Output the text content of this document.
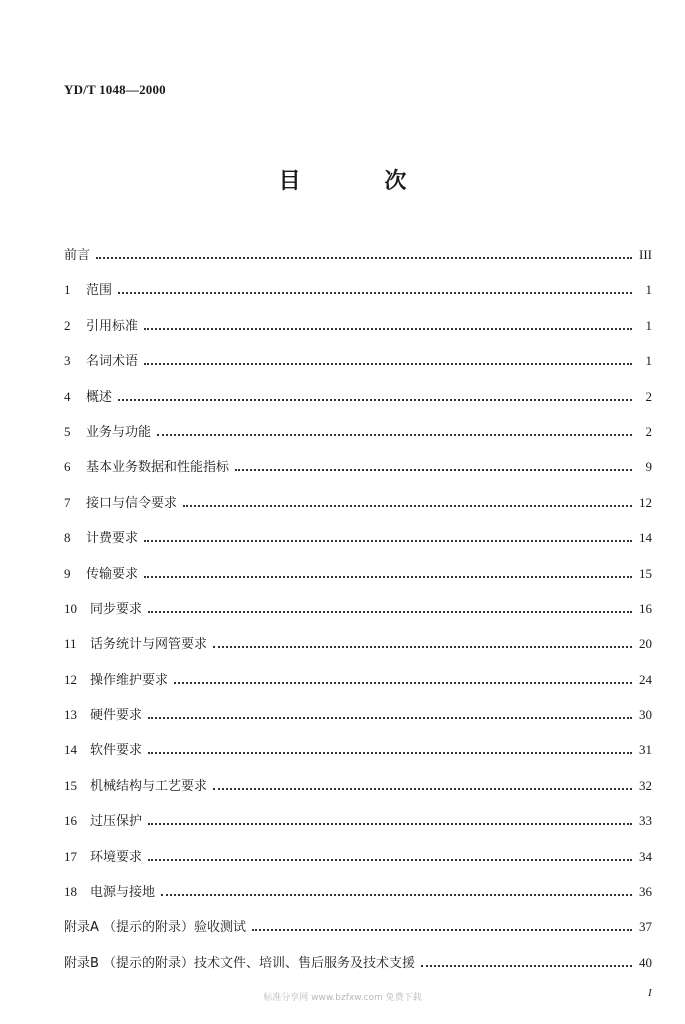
YD/T 1048—2000
目 次
前言	III
1	范围	1
2	引用标准	1
3	名词术语	1
4	概述	2
5	业务与功能	2
6	基本业务数据和性能指标	9
7	接口与信令要求	12
8	计费要求	14
9	传输要求	15
10	同步要求	16
11	话务统计与网管要求	20
12	操作维护要求	24
13	硬件要求	30
14	软件要求	31
15	机械结构与工艺要求	32
16	过压保护	33
17	环境要求	34
18	电源与接地	36
附录A （提示的附录）验收测试	37
附录B （提示的附录）技术文件、培训、售后服务及技术支援	40
标准分享网 www.bzfxw.com 免费下载	I
